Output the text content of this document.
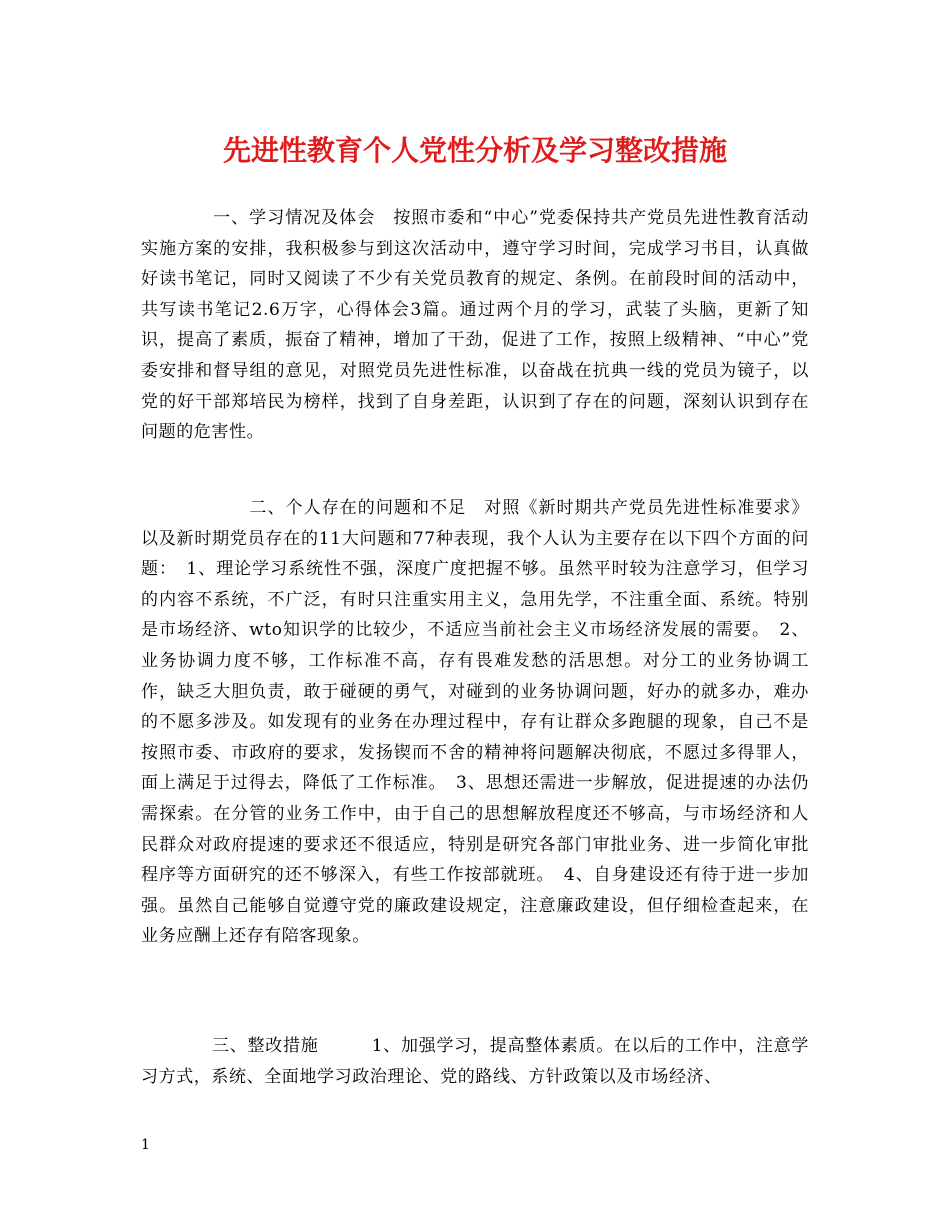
先进性教育个人党性分析及学习整改措施

　　　　一、学习情况及体会　按照市委和“中心”党委保持共产党员先进性教育活动实施方案的安排，我积极参与到这次活动中，遵守学习时间，完成学习书目，认真做好读书笔记，同时又阅读了不少有关党员教育的规定、条例。在前段时间的活动中，共写读书笔记2.6万字，心得体会3篇。通过两个月的学习，武装了头脑，更新了知识，提高了素质，振奋了精神，增加了干劲，促进了工作，按照上级精神、“中心”党委安排和督导组的意见，对照党员先进性标准，以奋战在抗典一线的党员为镜子，以党的好干部郑培民为榜样，找到了自身差距，认识到了存在的问题，深刻认识到存在问题的危害性。

　　　　　　二、个人存在的问题和不足　对照《新时期共产党员先进性标准要求》以及新时期党员存在的11大问题和77种表现，我个人认为主要存在以下四个方面的问题：　1、理论学习系统性不强，深度广度把握不够。虽然平时较为注意学习，但学习的内容不系统，不广泛，有时只注重实用主义，急用先学，不注重全面、系统。特别是市场经济、wto知识学的比较少，不适应当前社会主义市场经济发展的需要。　2、业务协调力度不够，工作标准不高，存有畏难发愁的活思想。对分工的业务协调工作，缺乏大胆负责，敢于碰硬的勇气，对碰到的业务协调问题，好办的就多办，难办的不愿多涉及。如发现有的业务在办理过程中，存有让群众多跑腿的现象，自己不是按照市委、市政府的要求，发扬锲而不舍的精神将问题解决彻底，不愿过多得罪人，面上满足于过得去，降低了工作标准。　3、思想还需进一步解放，促进提速的办法仍需探索。在分管的业务工作中，由于自己的思想解放程度还不够高，与市场经济和人民群众对政府提速的要求还不很适应，特别是研究各部门审批业务、进一步简化审批程序等方面研究的还不够深入，有些工作按部就班。　4、自身建设还有待于进一步加强。虽然自己能够自觉遵守党的廉政建设规定，注意廉政建设，但仔细检查起来，在业务应酬上还存有陪客现象。

　　　　三、整改措施　　　1、加强学习，提高整体素质。在以后的工作中，注意学习方式，系统、全面地学习政治理论、党的路线、方针政策以及市场经济、

1
